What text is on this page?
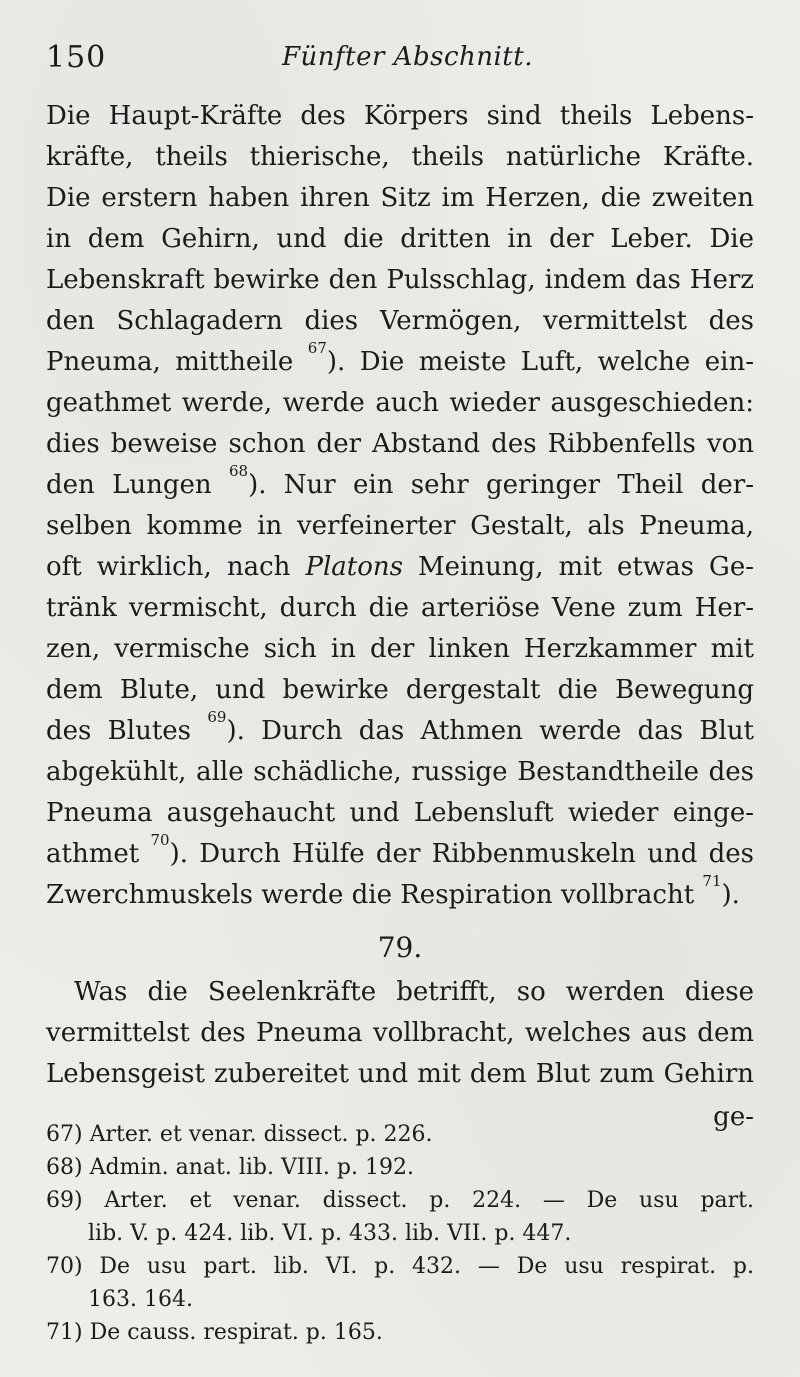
150	Fünfter Abschnitt.
Die Haupt-Kräfte des Körpers sind theils Lebens-
kräfte, theils thierische, theils natürliche Kräfte.
Die erstern haben ihren Sitz im Herzen, die zweiten
in dem Gehirn, und die dritten in der Leber. Die
Lebenskraft bewirke den Pulsschlag, indem das Herz
den Schlagadern dies Vermögen, vermittelst des
Pneuma, mittheile $^{67}$). Die meiste Luft, welche ein-
geathmet werde, werde auch wieder ausgeschieden:
dies beweise schon der Abstand des Ribbenfells von
den Lungen $^{68}$). Nur ein sehr geringer Theil der-
selben komme in verfeinerter Gestalt, als Pneuma,
oft wirklich, nach Platons Meinung, mit etwas Ge-
tränk vermischt, durch die arteriöse Vene zum Her-
zen, vermische sich in der linken Herzkammer mit
dem Blute, und bewirke dergestalt die Bewegung
des Blutes $^{69}$). Durch das Athmen werde das Blut
abgekühlt, alle schädliche, russige Bestandtheile des
Pneuma ausgehaucht und Lebensluft wieder einge-
athmet $^{70}$). Durch Hülfe der Ribbenmuskeln und des
Zwerchmuskels werde die Respiration vollbracht $^{71}$).
79.
Was die Seelenkräfte betrifft, so werden diese
vermittelst des Pneuma vollbracht, welches aus dem
Lebensgeist zubereitet und mit dem Blut zum Gehirn
ge-
67) Arter. et venar. dissect. p. 226.
68) Admin. anat. lib. VIII. p. 192.
69) Arter. et venar. dissect. p. 224. — De usu part.
lib. V. p. 424. lib. VI. p. 433. lib. VII. p. 447.
70) De usu part. lib. VI. p. 432. — De usu respirat. p.
163. 164.
71) De causs. respirat. p. 165.
